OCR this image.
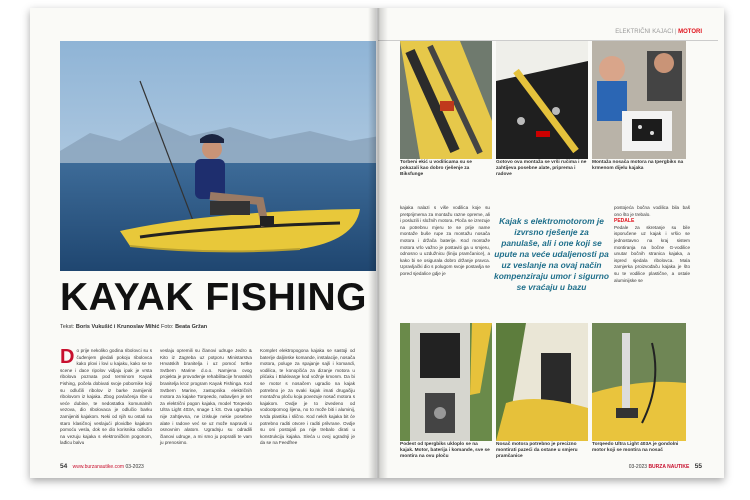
KAYAK FISHING
Tekst: Boris Vukušić i Krunoslav Mihić Foto: Beata Gržan
D o prije nekoliko godina ribolovci su s čuđenjem gledali pokoju ribolovca kako plovi i lovi u kajaku, kako se te scene i dace ripolov vidjaju ipak je vrsta ribolova poznata pod terminom Kayak Fishing, počela dobivati svoje pobornike koji su odlučili ribolov iz barke zamijeniti ribolovom iz kajaka. Zbog povlačenja ribe u veće dubine, te nedostatka komunalnih vezova, dio ribolovaca je odlučio barku zamijeniti kajakom. Neki od njih su ostali na staro klasičnoj veslajući plovidbe kajakom pomoću vesla, dok se dio korisnika odlučio na vezuju kajaka s elektroničkim pogonom, lađicu balvu
veslaju opremili su članovi udruge Jedro & Kito iz Zagreba uz potporu Ministarstva Hrvatskih branitelja i uz pomoć tvrtke Svtbern Marine d.o.o. Namjena ovog projekta je provođenje rehabilitacije hrvatskih branitelja kroz program Kayak Fishinga. Kod Svtbern Marine, zastupnika električnih motora za kajake Torqeedo, nabavljen je set za električni pogon kajaka, model Torqeedo Ultra Light 403A, snage 1 kS. Ova ugradnja nije zahtjevna, ne iziskuje nekie posebne alate i radove već se uz može napraviti u osnovnim alatom. Ugradnju su odradili članovi udruge, a mi smo ju popratili te vam ju prenosimo.
Komplet elektropogona kajaka se sastoji od baterije daljinske komande, instalacije, nosača motora, poluge za spajanje sajli i komandi, vodilica, te konopčića za dizanje motora u plićaku i Bluklearge kod vožnje kmonm. Da bi se motor s nosačem ugradio na kajak potrebno je za svaki kajak imati drugačiju montažnu ploču koja povezuje nosač motora s kajakom. Ovdje je to izvedeno od vodootpornog lijena, no to može biti i aluminij, tvrda plastika i slično. Kod nekih kajaka bit će potrebno raditi otvore i raditi prilvrane. Ovdje su oni postojali pa nije trebalo dirati u konstrukciju kajaka. Sleća u ovoj ugradnji je da se na Feedfree
54 www.burzanautike.com 03-2023
ELEKTRIČNI KAJACI | MOTORI
Torbeni ekić u vodilicama su se pokazali kao dobro rješenje za Biksfunge
Gotovo ova montaža se vrši ručima i ne zahtijeva posebne alate, priprema i radove
Montaža nosača motora na Ipergbiks na krmenom dijelu kajaka
kajaka nalazi s više vodilica koje su pretprijmema za montažu razne opreme, ali i posluzili i složnih motora. Ploča se izrezuje na potrebnu mjeru te se prije name montaže buše rupe za montažu nosača motora i držača baterije. Kod montaže motora vrlo važno je postaviti ga u smjeru, odnosno u uzdužnicu (liniju pramčanice), a kako bi se osigurala dobro držanje pravca. Upravljački dio s polugom svoje postavlja se pored sjedalice gdje je
Kajak s elektromotorom je izvrsno rješenje za panulaše, ali i one koji se upute na veće udaljenosti pa uz veslanje na ovaj način kompenziraju umor i sigurno se vraćaju u bazu
postojeća bočna vodilica bila baš ono što je trebalo.
PEDALE
Pedale za skretanje su bile isporučene uz kajak i vršio se jednostavno na kraj sistem montiranja na bočne G-vodilice unutar bočnih stranica kajaka, a ispred sjedala ribolovca. Mala zamjerka proizvođaču kajaka je što su te vodilice plastične, a ostale aluminijske se
Podest od Ipergbiks ukloplo se na kajak. Motor, baterija i komande, sve se montira na ovu ploču
Nosač motora potrebno je precizno montirati pazeći da ostane u smjeru pramčanice
Torqeedo Ultra Light 403A je gondolni motor koji se montira na nosač
03-2023 BURZA NAUTIKE 55
